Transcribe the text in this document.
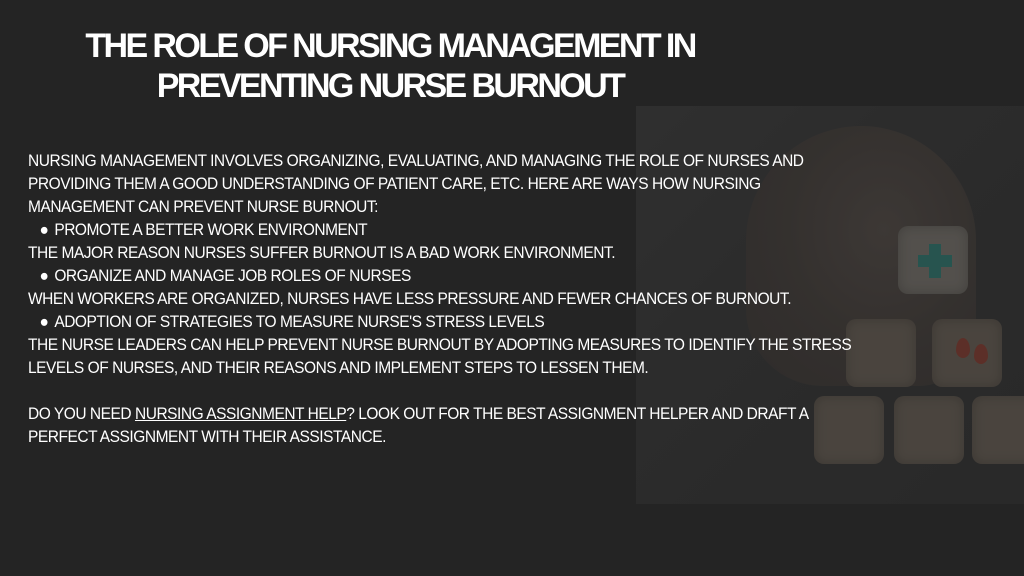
THE ROLE OF NURSING MANAGEMENT IN
PREVENTING NURSE BURNOUT

NURSING MANAGEMENT INVOLVES ORGANIZING, EVALUATING, AND MANAGING THE ROLE OF NURSES AND PROVIDING THEM A GOOD UNDERSTANDING OF PATIENT CARE, ETC. HERE ARE WAYS HOW NURSING MANAGEMENT CAN PREVENT NURSE BURNOUT:

● PROMOTE A BETTER WORK ENVIRONMENT

THE MAJOR REASON NURSES SUFFER BURNOUT IS A BAD WORK ENVIRONMENT.

● ORGANIZE AND MANAGE JOB ROLES OF NURSES

WHEN WORKERS ARE ORGANIZED, NURSES HAVE LESS PRESSURE AND FEWER CHANCES OF BURNOUT.

● ADOPTION OF STRATEGIES TO MEASURE NURSE'S STRESS LEVELS

THE NURSE LEADERS CAN HELP PREVENT NURSE BURNOUT BY ADOPTING MEASURES TO IDENTIFY THE STRESS LEVELS OF NURSES, AND THEIR REASONS AND IMPLEMENT STEPS TO LESSEN THEM.

DO YOU NEED NURSING ASSIGNMENT HELP? LOOK OUT FOR THE BEST ASSIGNMENT HELPER AND DRAFT A PERFECT ASSIGNMENT WITH THEIR ASSISTANCE.
